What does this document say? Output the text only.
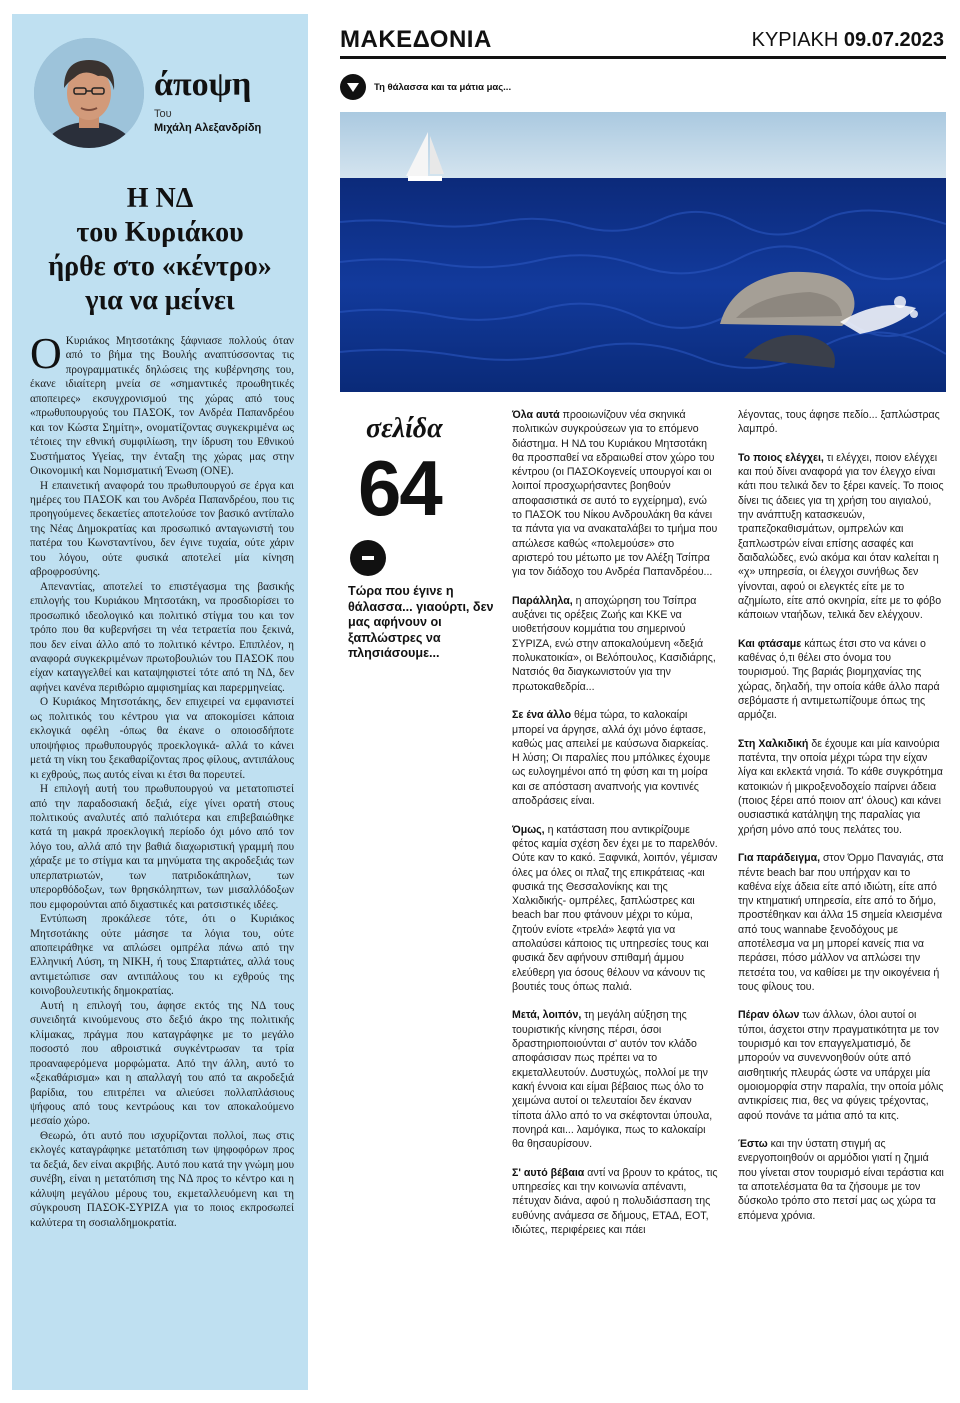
άποψη
Του
Μιχάλη Αλεξανδρίδη
Η ΝΔ
του Κυριάκου
ήρθε στο «κέντρο»
για να μείνει

Ο Κυριάκος Μητσοτάκης ξάφνιασε πολλούς όταν από το βήμα της Βουλής αναπτύσσοντας τις προγραμματικές δηλώσεις της κυβέρνησης του, έκανε ιδιαίτερη μνεία σε «σημαντικές προωθητικές αποπειρες» εκσυγχρονισμού της χώρας από τους «πρωθυπουργούς του ΠΑΣΟΚ, τον Ανδρέα Παπανδρέου και τον Κώστα Σημίτη», ονοματίζοντας συγκεκριμένα ως τέτοιες την εθνική συμφιλίωση, την ίδρυση του Εθνικού Συστήματος Υγείας, την ένταξη της χώρας μας στην Οικονομική και Νομισματική Ένωση (ΟΝΕ).

Η επαινετική αναφορά του πρωθυπουργού σε έργα και ημέρες του ΠΑΣΟΚ και του Ανδρέα Παπανδρέου, που τις προηγούμενες δεκαετίες αποτελούσε τον βασικό αντίπαλο της Νέας Δημοκρατίας και προσωπικό ανταγωνιστή του πατέρα του Κωνσταντίνου, δεν έγινε τυχαία, ούτε χάριν του λόγου, ούτε φυσικά αποτελεί μία κίνηση αβροφροσύνης.

Απεναντίας, αποτελεί το επιστέγασμα της βασικής επιλογής του Κυριάκου Μητσοτάκη, να προσδιορίσει το προσωπικό ιδεολογικό και πολιτικό στίγμα του και τον τρόπο που θα κυβερνήσει τη νέα τετραετία που ξεκινά, που δεν είναι άλλο από το πολιτικό κέντρο. Επιπλέον, η αναφορά συγκεκριμένων πρωτοβουλιών του ΠΑΣΟΚ που είχαν καταγγελθεί και καταψηφιστεί τότε από τη ΝΔ, δεν αφήνει κανένα περιθώριο αμφισημίας και παρερμηνείας.

Ο Κυριάκος Μητσοτάκης, δεν επιχειρεί να εμφανιστεί ως πολιτικός του κέντρου για να αποκομίσει κάποια εκλογικά οφέλη -όπως θα έκανε ο οποιοσδήποτε υποψήφιος πρωθυπουργός προεκλογικά- αλλά το κάνει μετά τη νίκη του ξεκαθαρίζοντας προς φίλους, αντιπάλους κι εχθρούς, πως αυτός είναι κι έτσι θα πορευτεί.

Η επιλογή αυτή του πρωθυπουργού να μετατοπιστεί από την παραδοσιακή δεξιά, είχε γίνει ορατή στους πολιτικούς αναλυτές από παλιότερα και επιβεβαιώθηκε κατά τη μακρά προεκλογική περίοδο όχι μόνο από τον λόγο του, αλλά από την βαθιά διαχωριστική γραμμή που χάραξε με το στίγμα και τα μηνύματα της ακροδεξιάς των υπερπατριωτών, των πατριδοκάπηλων, των υπερορθόδοξων, των θρησκόληπτων, των μισαλλόδοξων που εμφορούνται από διχαστικές και ρατσιστικές ιδέες.

Εντύπωση προκάλεσε τότε, ότι ο Κυριάκος Μητσοτάκης ούτε μάσησε τα λόγια του, ούτε αποπειράθηκε να απλώσει ομπρέλα πάνω από την Ελληνική Λύση, τη ΝΙΚΗ, ή τους Σπαρτιάτες, αλλά τους αντιμετώπισε σαν αντιπάλους του κι εχθρούς της κοινοβουλευτικής δημοκρατίας.

Αυτή η επιλογή του, άφησε εκτός της ΝΔ τους συνειδητά κινούμενους στο δεξιό άκρο της πολιτικής κλίμακας, πράγμα που καταγράφηκε με το μεγάλο ποσοστό που αθροιστικά συγκέντρωσαν τα τρία προαναφερόμενα μορφώματα. Από την άλλη, αυτό το «ξεκαθάρισμα» και η απαλλαγή του από τα ακροδεξιά βαρίδια, του επιτρέπει να αλιεύσει πολλαπλάσιους ψήφους από τους κεντρώους και τον αποκαλούμενο μεσαίο χώρο.

Θεωρώ, ότι αυτό που ισχυρίζονται πολλοί, πως στις εκλογές καταγράφηκε μετατόπιση των ψηφοφόρων προς τα δεξιά, δεν είναι ακριβής. Αυτό που κατά την γνώμη μου συνέβη, είναι η μετατόπιση της ΝΔ προς το κέντρο και η κάλυψη μεγάλου μέρους του, εκμεταλλευόμενη και τη σύγκρουση ΠΑΣΟΚ-ΣΥΡΙΖΑ για το ποιος εκπροσωπεί καλύτερα τη σοσιαλδημοκρατία.

ΜΑΚΕΔΟΝΙΑ	ΚΥΡΙΑΚΗ 09.07.2023
Τη θάλασσα και τα μάτια μας...
σελίδα
64
Τώρα που έγινε η θάλασσα... γιαούρτι, δεν μας αφήνουν οι ξαπλώστρες να πλησιάσουμε...

Όλα αυτά προοιωνίζουν νέα σκηνικά πολιτικών συγκρούσεων για το επόμενο διάστημα. Η ΝΔ του Κυριάκου Μητσοτάκη θα προσπαθεί να εδραιωθεί στον χώρο του κέντρου (οι ΠΑΣΟΚογενείς υπουργοί και οι λοιποί προσχωρήσαντες βοηθούν αποφασιστικά σε αυτό το εγχείρημα), ενώ το ΠΑΣΟΚ του Νίκου Ανδρουλάκη θα κάνει τα πάντα για να ανακαταλάβει το τμήμα που απώλεσε καθώς «πολεμούσε» στο αριστερό του μέτωπο με τον Αλέξη Τσίπρα για τον διάδοχο του Ανδρέα Παπανδρέου...

Παράλληλα, η αποχώρηση του Τσίπρα αυξάνει τις ορέξεις Ζωής και ΚΚΕ να υιοθετήσουν κομμάτια του σημερινού ΣΥΡΙΖΑ, ενώ στην αποκαλούμενη «δεξιά πολυκατοικία», οι Βελόπουλος, Κασιδιάρης, Νατσιός θα διαγκωνιστούν για την πρωτοκαθεδρία...

Σε ένα άλλο θέμα τώρα, το καλοκαίρι μπορεί να άργησε, αλλά όχι μόνο έφτασε, καθώς μας απειλεί με καύσωνα διαρκείας. Η λύση; Οι παραλίες που μπόλικες έχουμε ως ευλογημένοι από τη φύση και τη μοίρα και σε απόσταση αναπνοής για κοντινές αποδράσεις είναι.

Όμως, η κατάσταση που αντικρίζουμε φέτος καμία σχέση δεν έχει με το παρελθόν. Ούτε καν το κακό. Ξαφνικά, λοιπόν, γέμισαν όλες μα όλες οι πλαζ της επικράτειας -και φυσικά της Θεσσαλονίκης και της Χαλκιδικής- ομπρέλες, ξαπλώστρες και beach bar που φτάνουν μέχρι το κύμα, ζητούν ενίοτε «τρελά» λεφτά για να απολαύσει κάποιος τις υπηρεσίες τους και φυσικά δεν αφήνουν σπιθαμή άμμου ελεύθερη για όσους θέλουν να κάνουν τις βουτιές τους όπως παλιά.

Μετά, λοιπόν, τη μεγάλη αύξηση της τουριστικής κίνησης πέρσι, όσοι δραστηριοποιούνται σ' αυτόν τον κλάδο αποφάσισαν πως πρέπει να το εκμεταλλευτούν. Δυστυχώς, πολλοί με την κακή έννοια και είμαι βέβαιος πως όλο το χειμώνα αυτοί οι τελευταίοι δεν έκαναν τίποτα άλλο από το να σκέφτονται ύπουλα, πονηρά και... λαμόγικα, πως το καλοκαίρι θα θησαυρίσουν.

Σ' αυτό βέβαια αντί να βρουν το κράτος, τις υπηρεσίες και την κοινωνία απέναντι, πέτυχαν διάνα, αφού η πολυδιάσπαση της ευθύνης ανάμεσα σε δήμους, ΕΤΑΔ, ΕΟΤ, ιδιώτες, περιφέρειες και πάει

λέγοντας, τους άφησε πεδίο... ξαπλώστρας λαμπρό.

Το ποιος ελέγχει, τι ελέγχει, ποιον ελέγχει και πού δίνει αναφορά για τον έλεγχο είναι κάτι που τελικά δεν το ξέρει κανείς. Το ποιος δίνει τις άδειες για τη χρήση του αιγιαλού, την ανάπτυξη κατασκευών, τραπεζοκαθισμάτων, ομπρελών και ξαπλωστρών είναι επίσης ασαφές και δαιδαλώδες, ενώ ακόμα και όταν καλείται η «χ» υπηρεσία, οι έλεγχοι συνήθως δεν γίνονται, αφού οι ελεγκτές είτε με το αζημίωτο, είτε από οκνηρία, είτε με το φόβο κάποιων νταήδων, τελικά δεν ελέγχουν.

Και φτάσαμε κάπως έτσι στο να κάνει ο καθένας ό,τι θέλει στο όνομα του τουρισμού. Της βαριάς βιομηχανίας της χώρας, δηλαδή, την οποία κάθε άλλο παρά σεβόμαστε ή αντιμετωπίζουμε όπως της αρμόζει.

Στη Χαλκιδική δε έχουμε και μία καινούρια πατέντα, την οποία μέχρι τώρα την είχαν λίγα και εκλεκτά νησιά. Το κάθε συγκρότημα κατοικιών ή μικροξενοδοχείο παίρνει άδεια (ποιος ξέρει από ποιον απ' όλους) και κάνει ουσιαστικά κατάληψη της παραλίας για χρήση μόνο από τους πελάτες του.

Για παράδειγμα, στον Όρμο Παναγιάς, στα πέντε beach bar που υπήρχαν και το καθένα είχε άδεια είτε από ιδιώτη, είτε από την κτηματική υπηρεσία, είτε από το δήμο, προστέθηκαν και άλλα 15 σημεία κλεισμένα από τους wannabe ξενοδόχους με αποτέλεσμα να μη μπορεί κανείς πια να περάσει, πόσο μάλλον να απλώσει την πετσέτα του, να καθίσει με την οικογένεια ή τους φίλους του.

Πέραν όλων των άλλων, όλοι αυτοί οι τύποι, άσχετοι στην πραγματικότητα με τον τουρισμό και τον επαγγελματισμό, δε μπορούν να συνεννοηθούν ούτε από αισθητικής πλευράς ώστε να υπάρχει μία ομοιομορφία στην παραλία, την οποία μόλις αντικρίσεις πια, θες να φύγεις τρέχοντας, αφού πονάνε τα μάτια από τα κιτς.

Έστω και την ύστατη στιγμή ας ενεργοποιηθούν οι αρμόδιοι γιατί η ζημιά που γίνεται στον τουρισμό είναι τεράστια και τα αποτελέσματα θα τα ζήσουμε με τον δύσκολο τρόπο στο πετσί μας ως χώρα τα επόμενα χρόνια.
